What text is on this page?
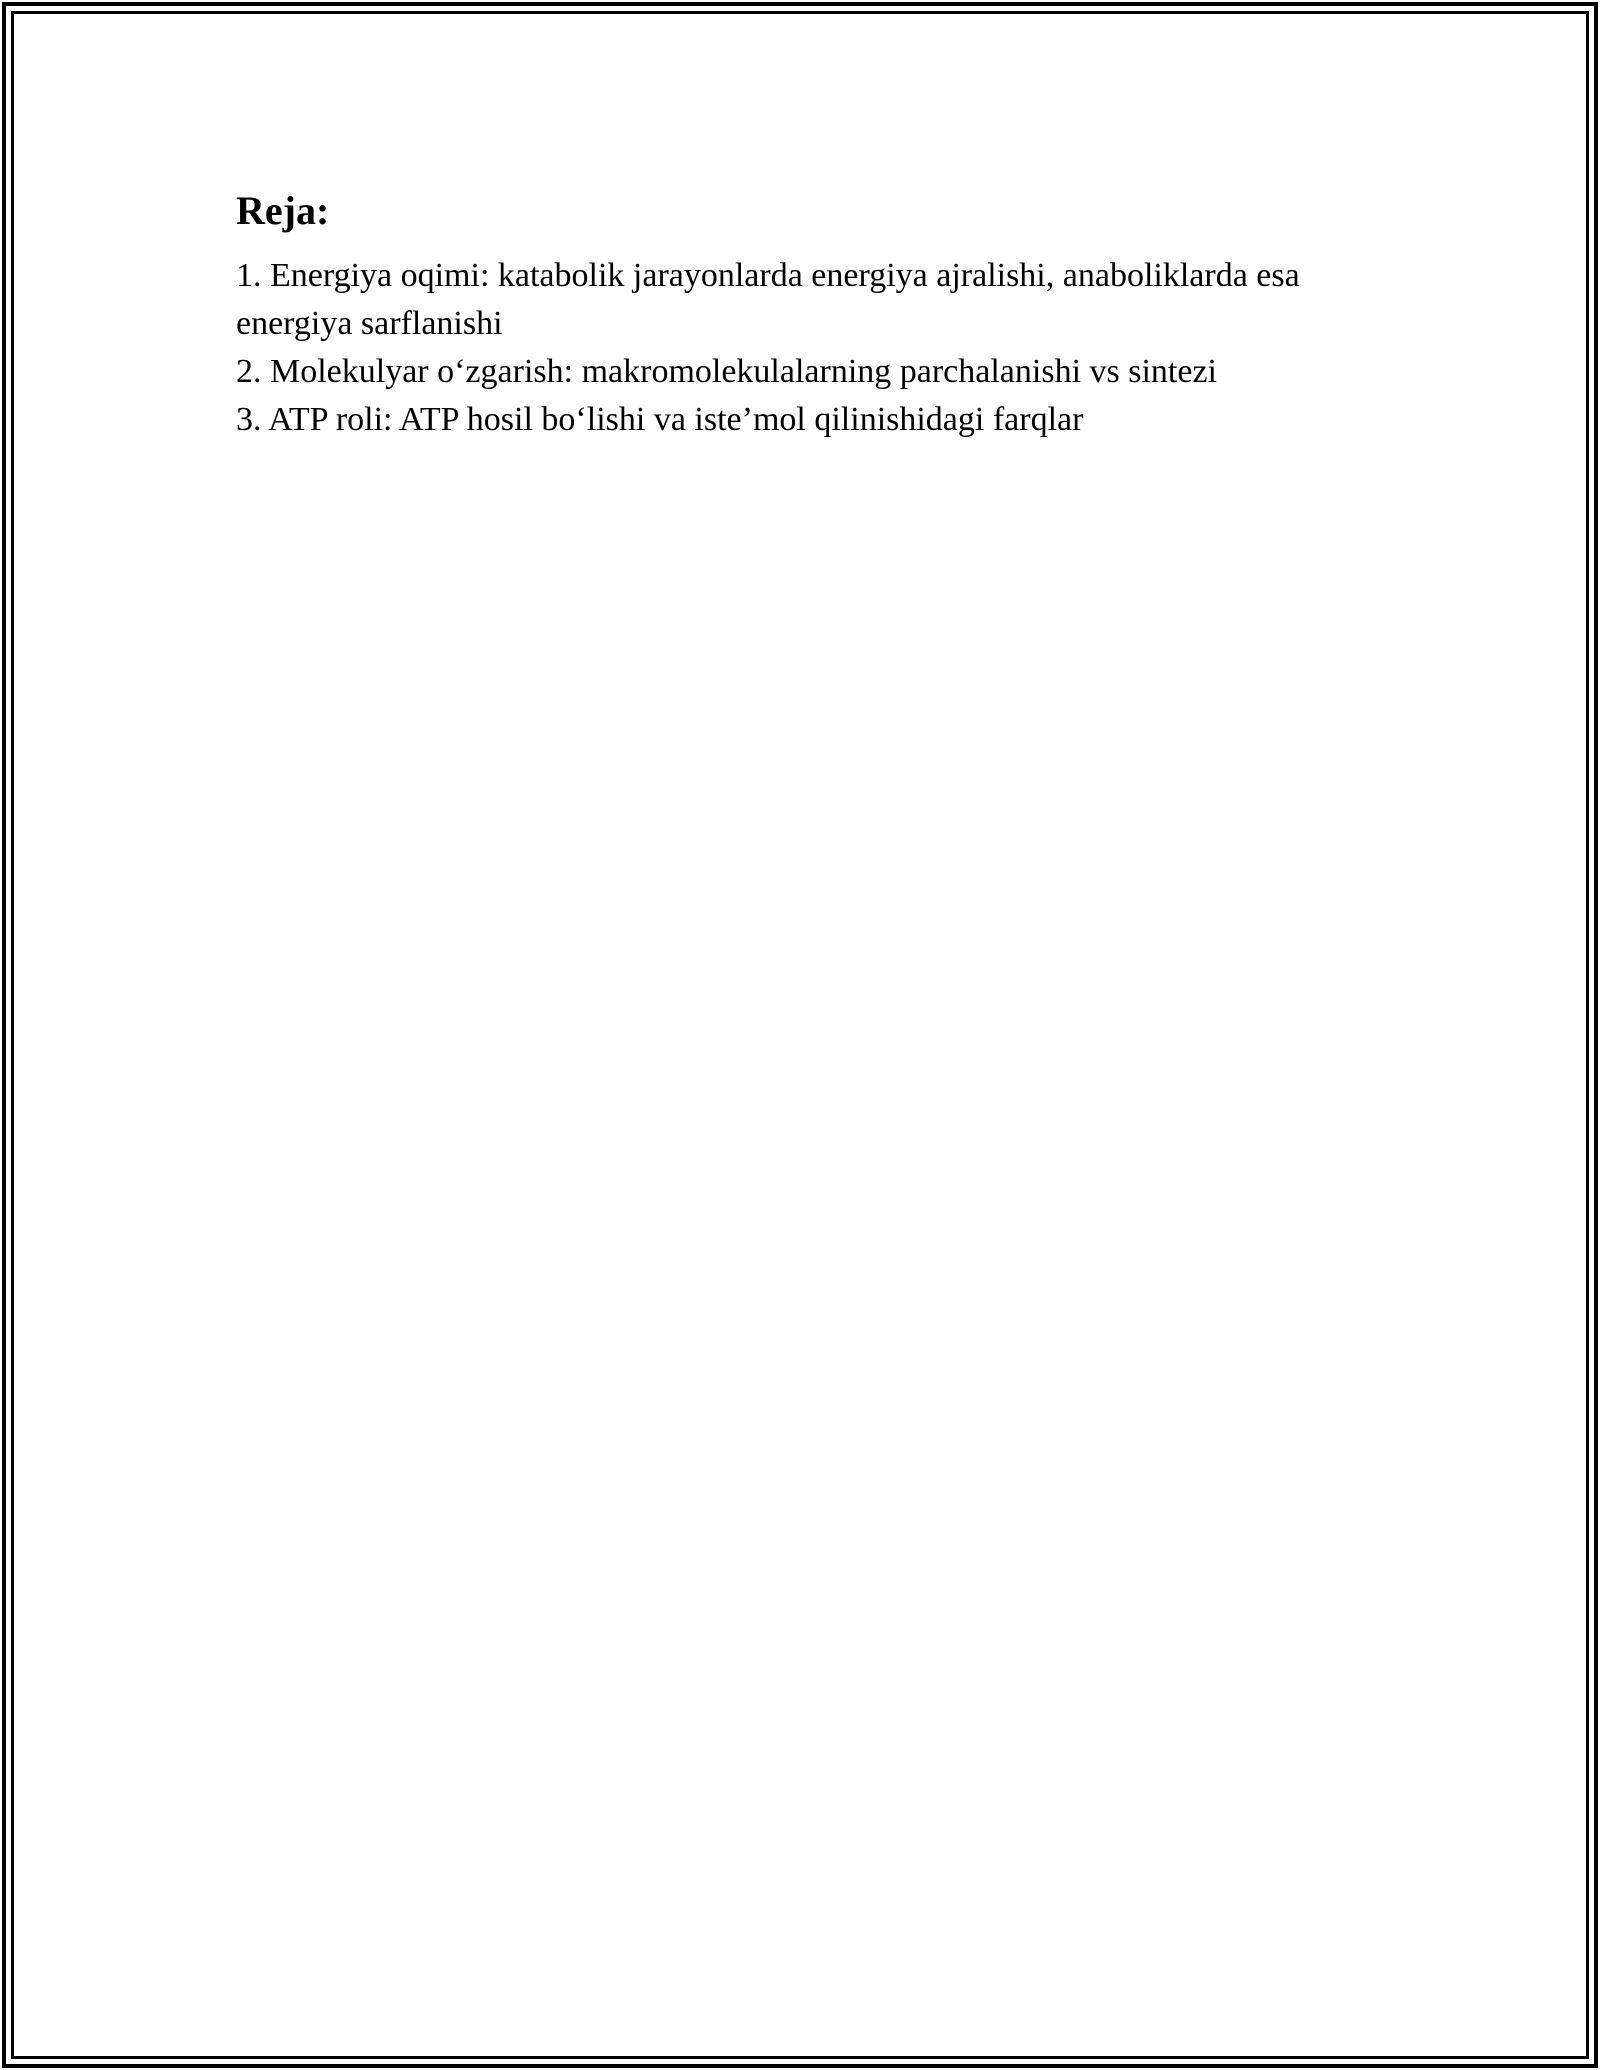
Reja:

1. Energiya oqimi: katabolik jarayonlarda energiya ajralishi, anaboliklarda esa energiya sarflanishi

2. Molekulyar o‘zgarish: makromolekulalarning parchalanishi vs sintezi

3. ATP roli: ATP hosil bo‘lishi va iste’mol qilinishidagi farqlar
